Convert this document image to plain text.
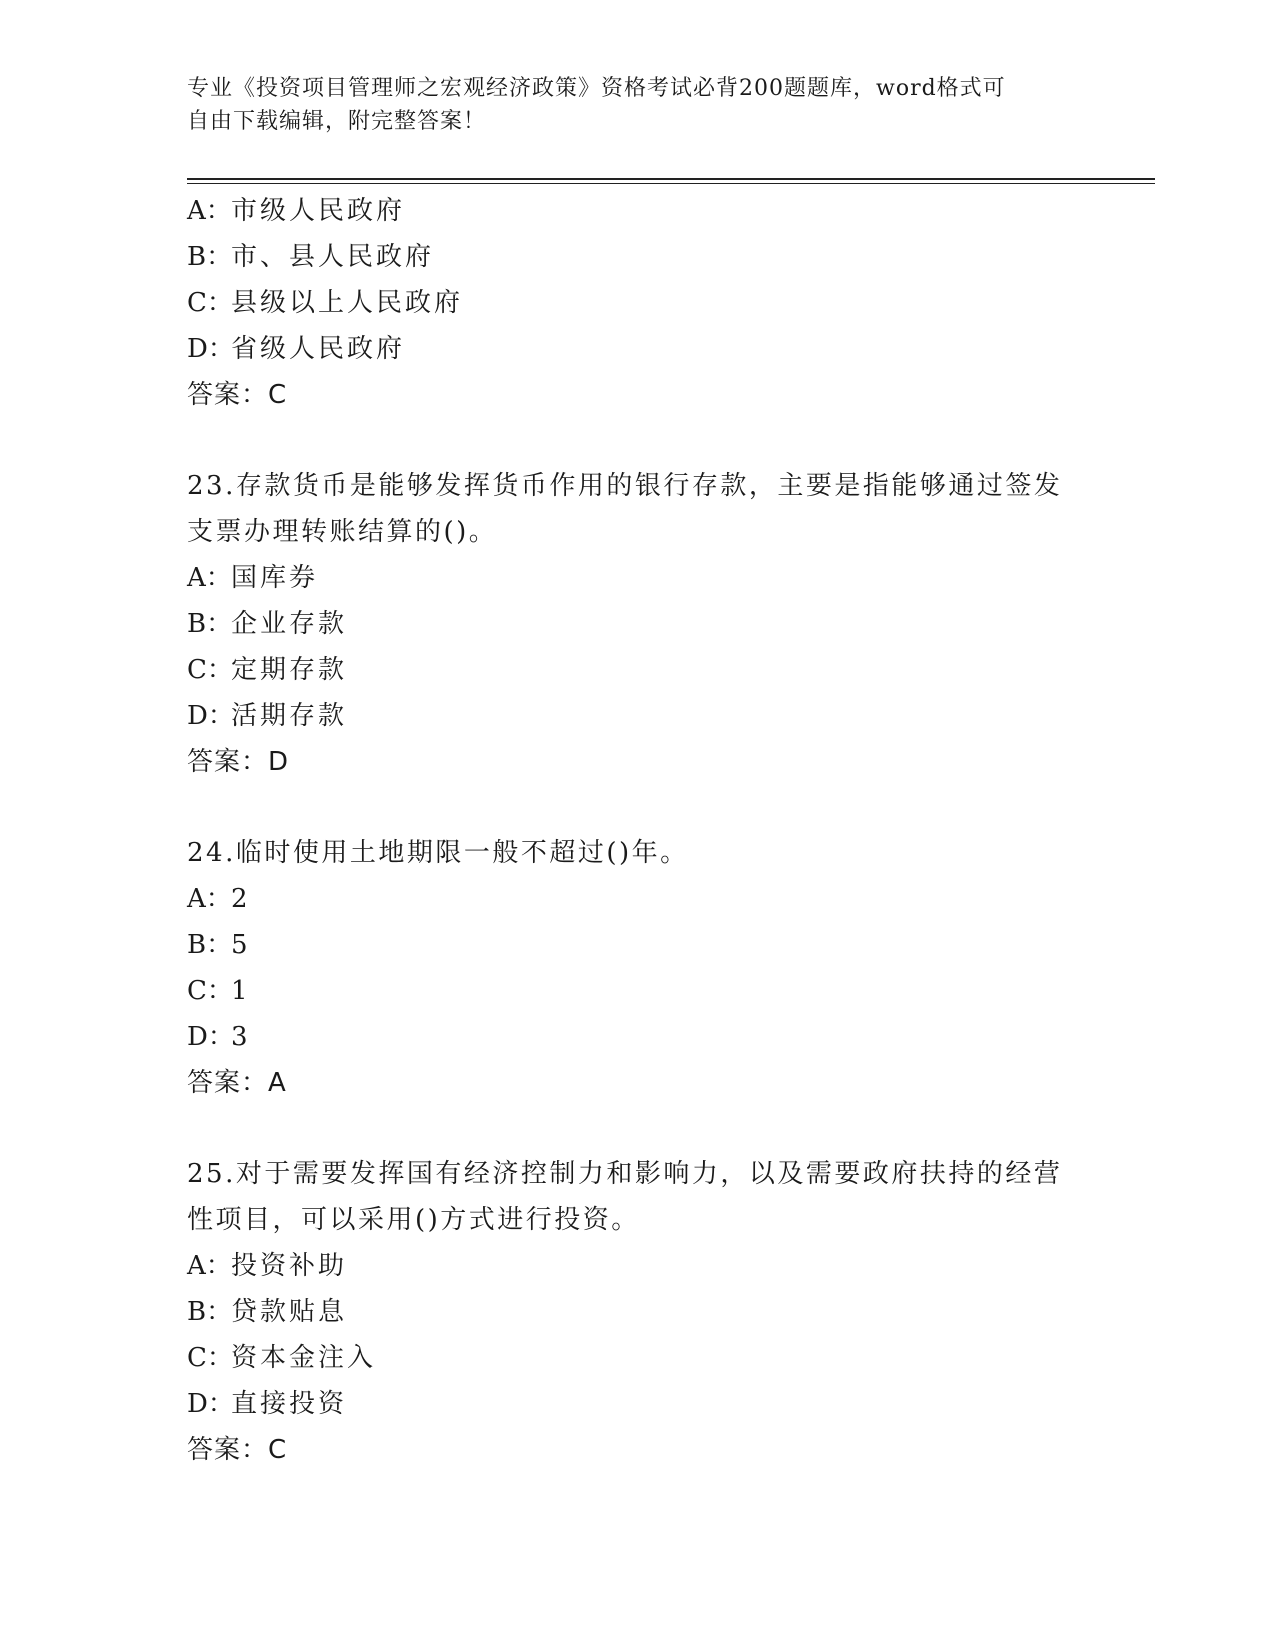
专业《投资项目管理师之宏观经济政策》资格考试必背200题题库，word格式可
自由下载编辑，附完整答案！
A：市级人民政府
B：市、县人民政府
C：县级以上人民政府
D：省级人民政府
答案：C
23.存款货币是能够发挥货币作用的银行存款，主要是指能够通过签发
支票办理转账结算的()。
A：国库券
B：企业存款
C：定期存款
D：活期存款
答案：D
24.临时使用土地期限一般不超过()年。
A：2
B：5
C：1
D：3
答案：A
25.对于需要发挥国有经济控制力和影响力，以及需要政府扶持的经营
性项目，可以采用()方式进行投资。
A：投资补助
B：贷款贴息
C：资本金注入
D：直接投资
答案：C
